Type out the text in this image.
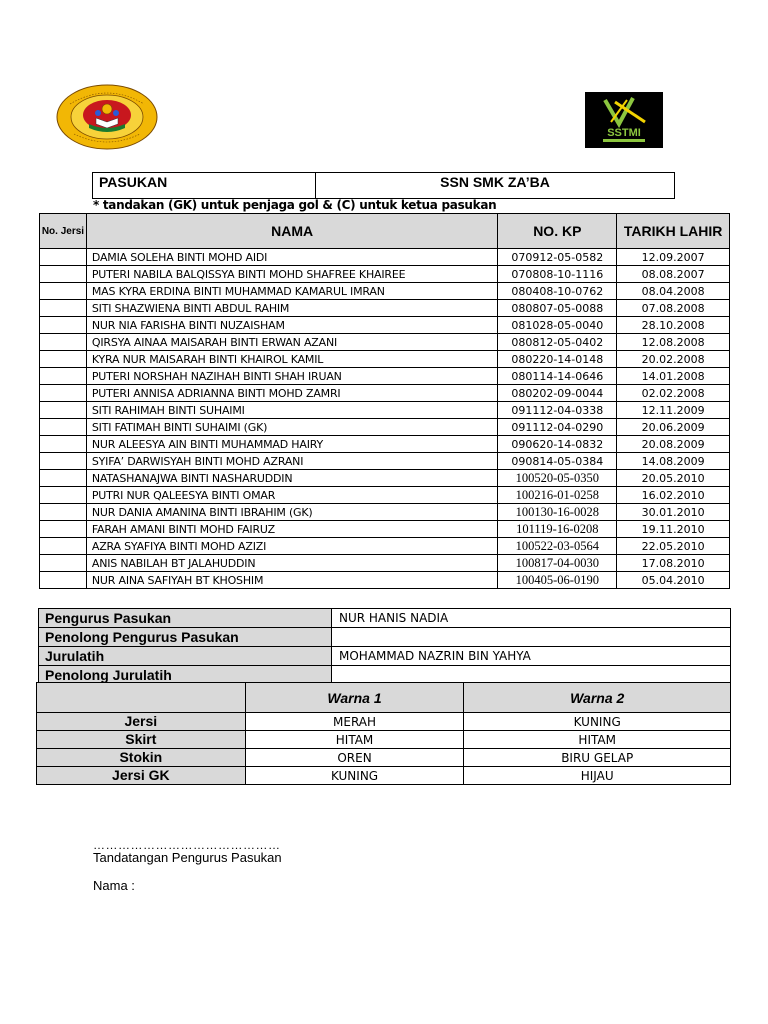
SSTMI
PASUKAN	SSN SMK ZA’BA
* tandakan (GK) untuk penjaga gol & (C) untuk ketua pasukan
No. Jersi	NAMA	NO. KP	TARIKH LAHIR
	DAMIA SOLEHA BINTI MOHD AIDI	070912-05-0582	12.09.2007
	PUTERI NABILA BALQISSYA BINTI MOHD SHAFREE KHAIREE	070808-10-1116	08.08.2007
	MAS KYRA ERDINA BINTI MUHAMMAD KAMARUL IMRAN	080408-10-0762	08.04.2008
	SITI SHAZWIENA BINTI ABDUL RAHIM	080807-05-0088	07.08.2008
	NUR NIA FARISHA BINTI NUZAISHAM	081028-05-0040	28.10.2008
	QIRSYA AINAA MAISARAH BINTI ERWAN AZANI	080812-05-0402	12.08.2008
	KYRA NUR MAISARAH BINTI KHAIROL KAMIL	080220-14-0148	20.02.2008
	PUTERI NORSHAH NAZIHAH BINTI SHAH IRUAN	080114-14-0646	14.01.2008
	PUTERI ANNISA ADRIANNA BINTI MOHD ZAMRI	080202-09-0044	02.02.2008
	SITI RAHIMAH BINTI SUHAIMI	091112-04-0338	12.11.2009
	SITI FATIMAH BINTI SUHAIMI (GK)	091112-04-0290	20.06.2009
	NUR ALEESYA AIN BINTI MUHAMMAD HAIRY	090620-14-0832	20.08.2009
	SYIFA’ DARWISYAH BINTI MOHD AZRANI	090814-05-0384	14.08.2009
	NATASHANAJWA BINTI NASHARUDDIN	100520-05-0350	20.05.2010
	PUTRI NUR QALEESYA BINTI OMAR	100216-01-0258	16.02.2010
	NUR DANIA AMANINA BINTI IBRAHIM (GK)	100130-16-0028	30.01.2010
	FARAH AMANI BINTI MOHD FAIRUZ	101119-16-0208	19.11.2010
	AZRA SYAFIYA BINTI MOHD AZIZI	100522-03-0564	22.05.2010
	ANIS NABILAH BT JALAHUDDIN	100817-04-0030	17.08.2010
	NUR AINA SAFIYAH BT KHOSHIM	100405-06-0190	05.04.2010
Pengurus Pasukan	NUR HANIS NADIA
Penolong Pengurus Pasukan	
Jurulatih	MOHAMMAD NAZRIN BIN YAHYA
Penolong Jurulatih	
	Warna 1	Warna 2
Jersi	MERAH	KUNING
Skirt	HITAM	HITAM
Stokin	OREN	BIRU GELAP
Jersi GK	KUNING	HIJAU
………………………………………
Tandatangan Pengurus Pasukan
Nama :
